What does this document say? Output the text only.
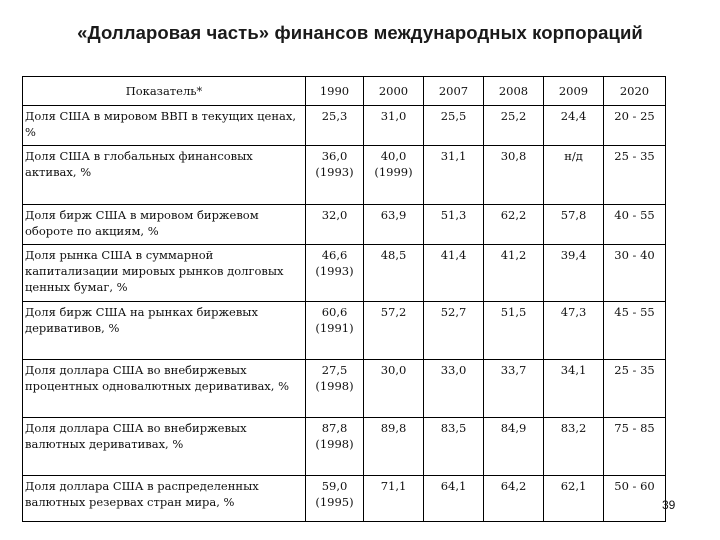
«Долларовая часть» финансов международных корпораций
Показатель*	1990	2000	2007	2008	2009	2020
Доля США в мировом ВВП в текущих ценах, %	25,3	31,0	25,5	25,2	24,4	20 - 25
Доля США в глобальных финансовых активах, %	36,0 (1993)	40,0 (1999)	31,1	30,8	н/д	25 - 35
Доля бирж США в мировом биржевом обороте по акциям, %	32,0	63,9	51,3	62,2	57,8	40 - 55
Доля рынка США в суммарной капитализации мировых рынков долговых ценных бумаг, %	46,6 (1993)	48,5	41,4	41,2	39,4	30 - 40
Доля бирж США на рынках биржевых деривативов, %	60,6 (1991)	57,2	52,7	51,5	47,3	45 - 55
Доля доллара США во внебиржевых процентных одновалютных деривативах, %	27,5 (1998)	30,0	33,0	33,7	34,1	25 - 35
Доля доллара США во внебиржевых валютных деривативах, %	87,8 (1998)	89,8	83,5	84,9	83,2	75 - 85
Доля доллара США в распределенных валютных резервах стран мира, %	59,0 (1995)	71,1	64,1	64,2	62,1	50 - 60
39
